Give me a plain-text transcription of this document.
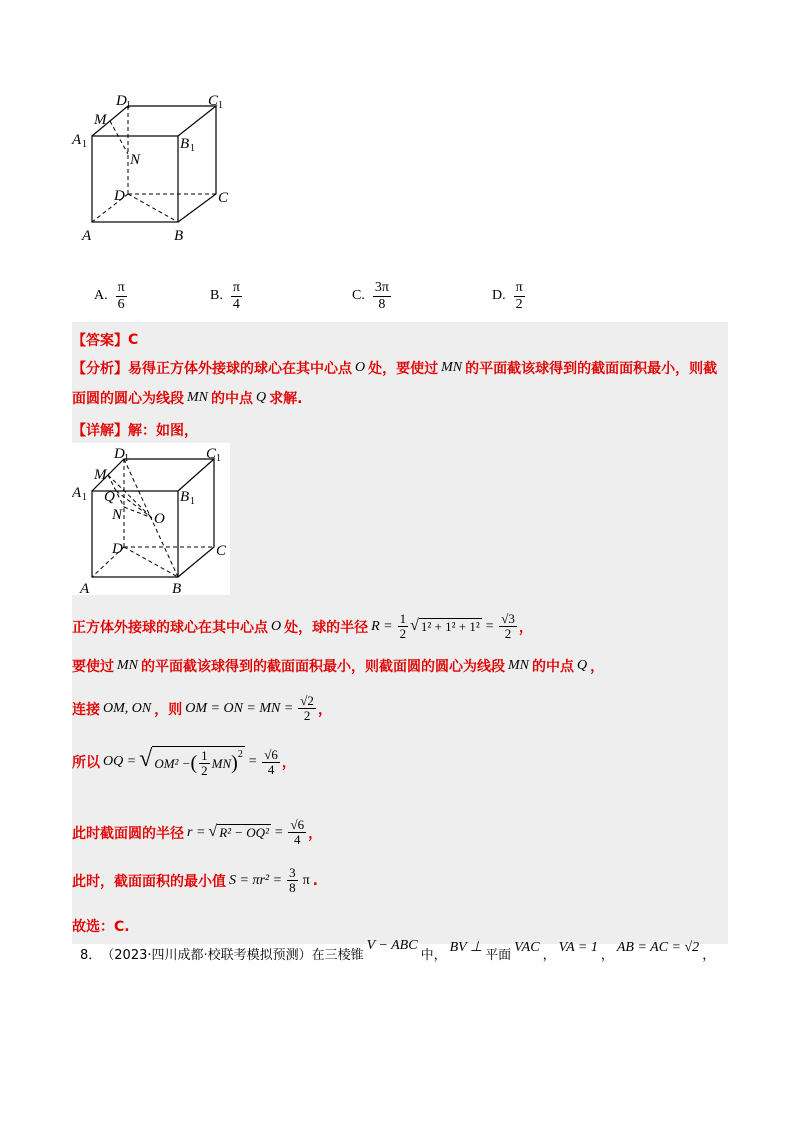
D 1	C 1
M
A 1	B 1
N
D	C
A	B
A. $\frac{\pi}{6}$	B. $\frac{\pi}{4}$	C. $\frac{3\pi}{8}$	D. $\frac{\pi}{2}$
【答案】 C
【分析】 易得正方体外接球的球心在其中心点 O 处，要使过 MN 的平面截该球得到的截面面积最小，则截
面圆的圆心为线段 MN 的中点 Q 求解.
【详解】 解：如图，
正方体外接球的球心在其中心点 O 处，球的半径 $R = \frac{1}{2}$ √ $1^2 + 1^2 + 1^2 = \frac{√3}{2}$ ，
要使过 MN 的平面截该球得到的截面面积最小，则截面圆的圆心为线段 MN 的中点 Q ，
连接 OM, ON ，则 OM = ON = MN = $\frac{√2}{2}$ ，
所以 OQ = √ OM² − ( $\frac{1}{2}$ MN ) $2 = \frac{√6}{4}$ ，
此时截面圆的半径 r = √ $R^2 - OQ^2 = \frac{√6}{4}$ ，
此时，截面面积的最小值 $S = \pi r^2 = \frac{3}{8}$ π .
故选：C.
D 1	C 1
M
A 1 Q	B 1
N O
D	C
A	B
8． （2023·四川成都·校联考模拟预测）在三棱锥
V − ABC
中，
BV ⊥
平面
VAC
，
VA = 1
，
AB = AC = √2
，
